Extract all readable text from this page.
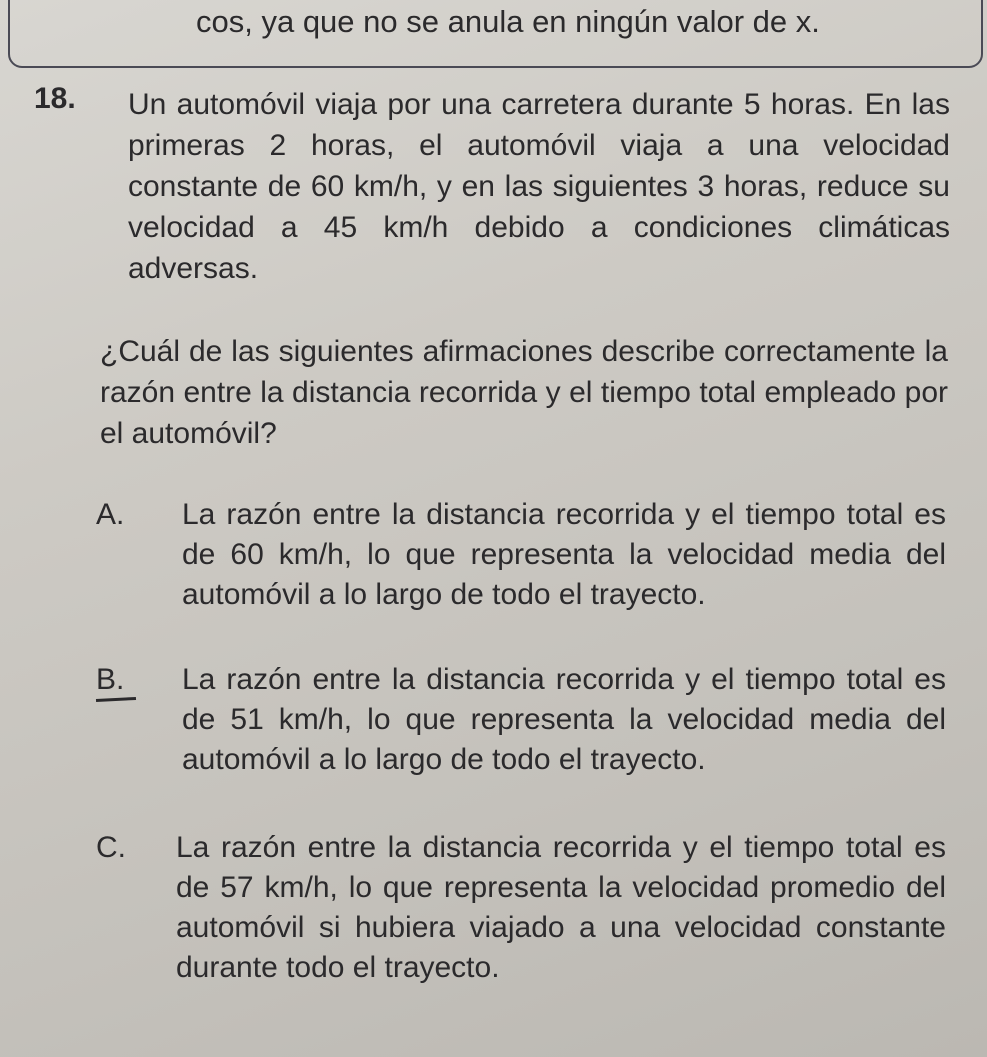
cos, ya que no se anula en ningún valor de x.
18. Un automóvil viaja por una carretera durante 5 horas. En las primeras 2 horas, el automóvil viaja a una velocidad constante de 60 km/h, y en las siguientes 3 horas, reduce su velocidad a 45 km/h debido a condiciones climáticas adversas.
¿Cuál de las siguientes afirmaciones describe correctamente la razón entre la distancia recorrida y el tiempo total empleado por el automóvil?
A. La razón entre la distancia recorrida y el tiempo total es de 60 km/h, lo que representa la velocidad media del automóvil a lo largo de todo el trayecto.
B. La razón entre la distancia recorrida y el tiempo total es de 51 km/h, lo que representa la velocidad media del automóvil a lo largo de todo el trayecto.
C. La razón entre la distancia recorrida y el tiempo total es de 57 km/h, lo que representa la velocidad promedio del automóvil si hubiera viajado a una velocidad constante durante todo el trayecto.
